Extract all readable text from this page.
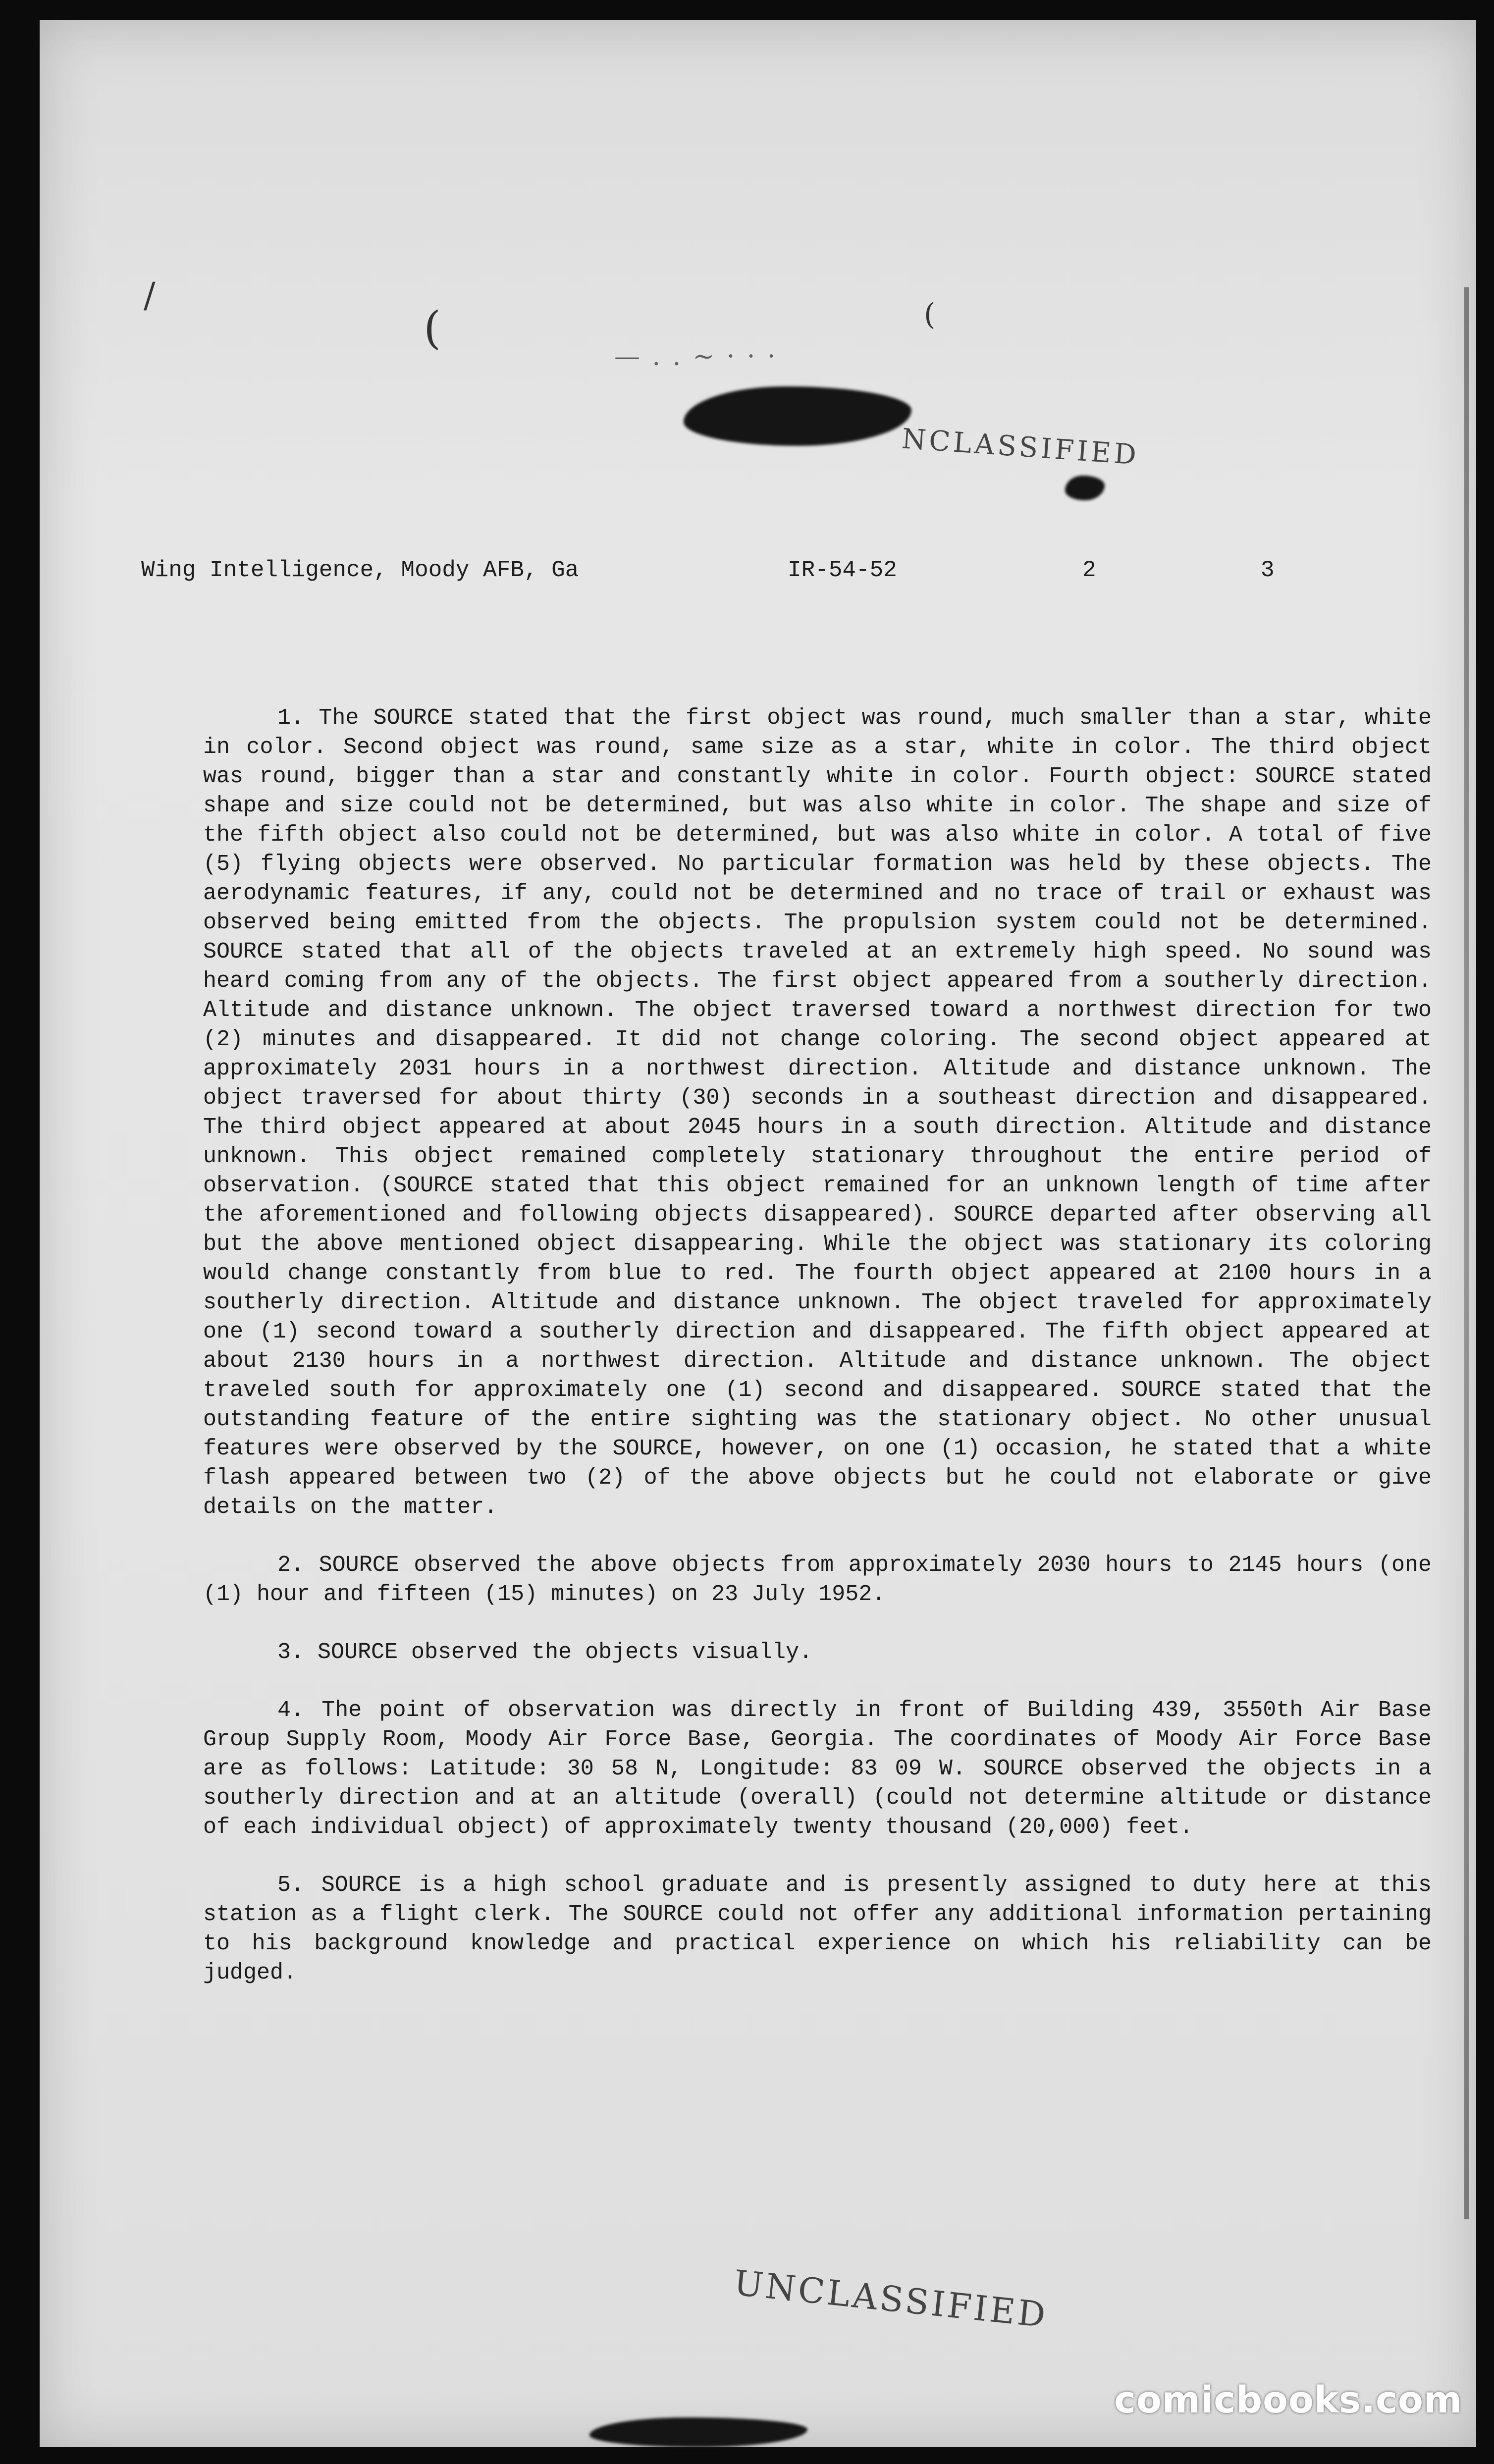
(	(
/
— . . ~ · · ·
NCLASSIFIED
Wing Intelligence, Moody AFB, Ga	IR-54-52	2	3

1. The SOURCE stated that the first object was round, much smaller than a star, white in color. Second object was round, same size as a star, white in color. The third object was round, bigger than a star and constantly white in color. Fourth object: SOURCE stated shape and size could not be determined, but was also white in color. The shape and size of the fifth object also could not be determined, but was also white in color. A total of five (5) flying objects were observed. No particular formation was held by these objects. The aerodynamic features, if any, could not be determined and no trace of trail or exhaust was observed being emitted from the objects. The propulsion system could not be determined. SOURCE stated that all of the objects traveled at an extremely high speed. No sound was heard coming from any of the objects. The first object appeared from a southerly direction. Altitude and distance unknown. The object traversed toward a northwest direction for two (2) minutes and disappeared. It did not change coloring. The second object appeared at approximately 2031 hours in a northwest direction. Altitude and distance unknown. The object traversed for about thirty (30) seconds in a southeast direction and disappeared. The third object appeared at about 2045 hours in a south direction. Altitude and distance unknown. This object remained completely stationary throughout the entire period of observation. (SOURCE stated that this object remained for an unknown length of time after the aforementioned and following objects disappeared). SOURCE departed after observing all but the above mentioned object disappearing. While the object was stationary its coloring would change constantly from blue to red. The fourth object appeared at 2100 hours in a southerly direction. Altitude and distance unknown. The object traveled for approximately one (1) second toward a southerly direction and disappeared. The fifth object appeared at about 2130 hours in a northwest direction. Altitude and distance unknown. The object traveled south for approximately one (1) second and disappeared. SOURCE stated that the outstanding feature of the entire sighting was the stationary object. No other unusual features were observed by the SOURCE, however, on one (1) occasion, he stated that a white flash appeared between two (2) of the above objects but he could not elaborate or give details on the matter.

2. SOURCE observed the above objects from approximately 2030 hours to 2145 hours (one (1) hour and fifteen (15) minutes) on 23 July 1952.

3. SOURCE observed the objects visually.

4. The point of observation was directly in front of Building 439, 3550th Air Base Group Supply Room, Moody Air Force Base, Georgia. The coordinates of Moody Air Force Base are as follows: Latitude: 30 58 N, Longitude: 83 09 W. SOURCE observed the objects in a southerly direction and at an altitude (overall) (could not determine altitude or distance of each individual object) of approximately twenty thousand (20,000) feet.

5. SOURCE is a high school graduate and is presently assigned to duty here at this station as a flight clerk. The SOURCE could not offer any additional information pertaining to his background knowledge and practical experience on which his reliability can be judged.

UNCLASSIFIED
comicbooks.com
